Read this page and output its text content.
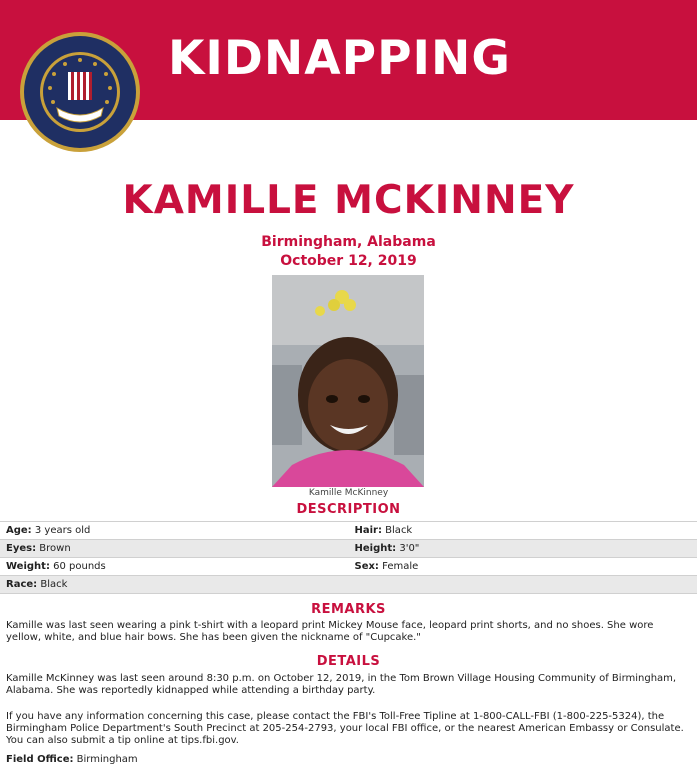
KIDNAPPING
KAMILLE MCKINNEY
Birmingham, Alabama
October 12, 2019
Kamille McKinney
DESCRIPTION
Age: 3 years old	Hair: Black
Eyes: Brown	Height: 3'0"
Weight: 60 pounds	Sex: Female
Race: Black	
REMARKS
Kamille was last seen wearing a pink t-shirt with a leopard print Mickey Mouse face, leopard print shorts, and no shoes. She wore yellow, white, and blue hair bows. She has been given the nickname of "Cupcake."
DETAILS
Kamille McKinney was last seen around 8:30 p.m. on October 12, 2019, in the Tom Brown Village Housing Community of Birmingham, Alabama. She was reportedly kidnapped while attending a birthday party.
If you have any information concerning this case, please contact the FBI's Toll-Free Tipline at 1-800-CALL-FBI (1-800-225-5324), the Birmingham Police Department's South Precinct at 205-254-2793, your local FBI office, or the nearest American Embassy or Consulate. You can also submit a tip online at tips.fbi.gov.
Field Office: Birmingham
